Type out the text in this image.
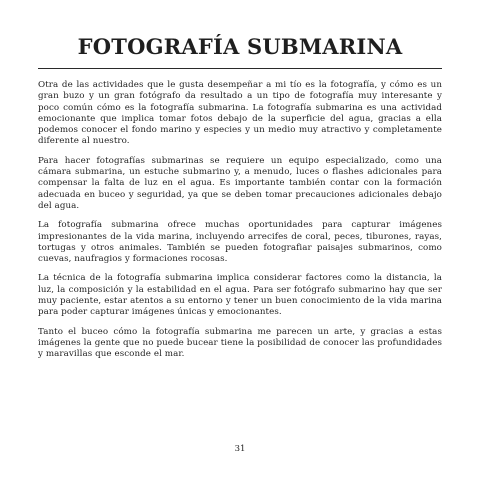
FOTOGRAFÍA SUBMARINA

Otra de las actividades que le gusta desempeñar a mi tío es la fotografía, y cómo es un gran buzo y un gran fotógrafo da resultado a un tipo de fotografía muy interesante y poco común cómo es la fotografía submarina. La fotografía submarina es una actividad emocionante que implica tomar fotos debajo de la superficie del agua, gracias a ella podemos conocer el fondo marino y especies y un medio muy atractivo y completamente diferente al nuestro.

Para hacer fotografías submarinas se requiere un equipo especializado, como una cámara submarina, un estuche submarino y, a menudo, luces o flashes adicionales para compensar la falta de luz en el agua. Es importante también contar con la formación adecuada en buceo y seguridad, ya que se deben tomar precauciones adicionales debajo del agua.

La fotografía submarina ofrece muchas oportunidades para capturar imágenes impresionantes de la vida marina, incluyendo arrecifes de coral, peces, tiburones, rayas, tortugas y otros animales. También se pueden fotografiar paisajes submarinos, como cuevas, naufragios y formaciones rocosas.

La técnica de la fotografía submarina implica considerar factores como la distancia, la luz, la composición y la estabilidad en el agua. Para ser fotógrafo submarino hay que ser muy paciente, estar atentos a su entorno y tener un buen conocimiento de la vida marina para poder capturar imágenes únicas y emocionantes.

Tanto el buceo cómo la fotografía submarina me parecen un arte, y gracias a estas imágenes la gente que no puede bucear tiene la posibilidad de conocer las profundidades y maravillas que esconde el mar.

31
